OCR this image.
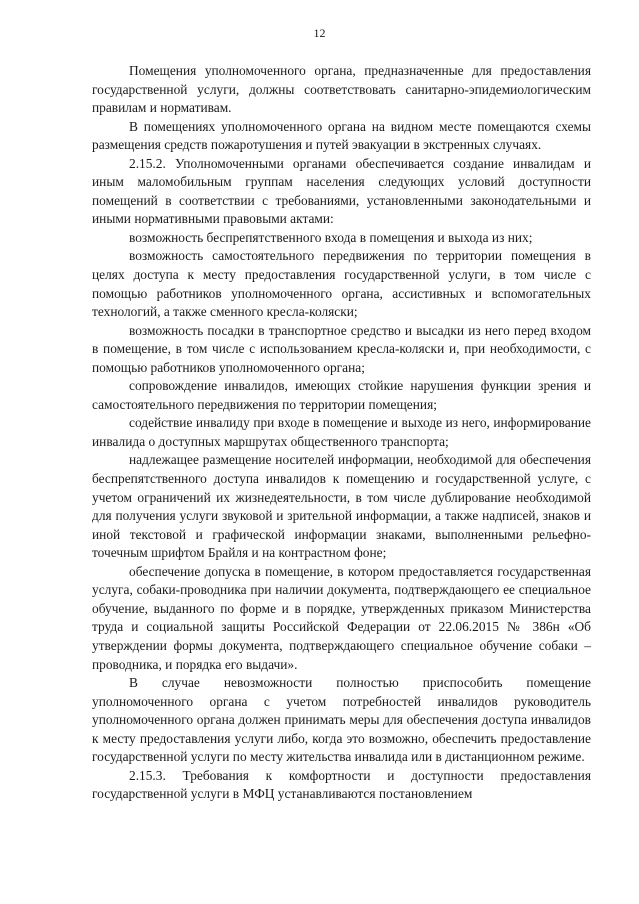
12

Помещения уполномоченного органа, предназначенные для предоставления государственной услуги, должны соответствовать санитарно-эпидемиологическим правилам и нормативам.

В помещениях уполномоченного органа на видном месте помещаются схемы размещения средств пожаротушения и путей эвакуации в экстренных случаях.

2.15.2. Уполномоченными органами обеспечивается создание инвалидам и иным маломобильным группам населения следующих условий доступности помещений в соответствии с требованиями, установленными законодательными и иными нормативными правовыми актами:

возможность беспрепятственного входа в помещения и выхода из них;

возможность самостоятельного передвижения по территории помещения в целях доступа к месту предоставления государственной услуги, в том числе с помощью работников уполномоченного органа, ассистивных и вспомогательных технологий, а также сменного кресла-коляски;

возможность посадки в транспортное средство и высадки из него перед входом в помещение, в том числе с использованием кресла-коляски и, при необходимости, с помощью работников уполномоченного органа;

сопровождение инвалидов, имеющих стойкие нарушения функции зрения и самостоятельного передвижения по территории помещения;

содействие инвалиду при входе в помещение и выходе из него, информирование инвалида о доступных маршрутах общественного транспорта;

надлежащее размещение носителей информации, необходимой для обеспечения беспрепятственного доступа инвалидов к помещению и государственной услуге, с учетом ограничений их жизнедеятельности, в том числе дублирование необходимой для получения услуги звуковой и зрительной информации, а также надписей, знаков и иной текстовой и графической информации знаками, выполненными рельефно-точечным шрифтом Брайля и на контрастном фоне;

обеспечение допуска в помещение, в котором предоставляется государственная услуга, собаки-проводника при наличии документа, подтверждающего ее специальное обучение, выданного по форме и в порядке, утвержденных приказом Министерства труда и социальной защиты Российской Федерации от 22.06.2015 № 386н «Об утверждении формы документа, подтверждающего специальное обучение собаки – проводника, и порядка его выдачи».

В случае невозможности полностью приспособить помещение уполномоченного органа с учетом потребностей инвалидов руководитель уполномоченного органа должен принимать меры для обеспечения доступа инвалидов к месту предоставления услуги либо, когда это возможно, обеспечить предоставление государственной услуги по месту жительства инвалида или в дистанционном режиме.

2.15.3. Требования к комфортности и доступности предоставления государственной услуги в МФЦ устанавливаются постановлением
